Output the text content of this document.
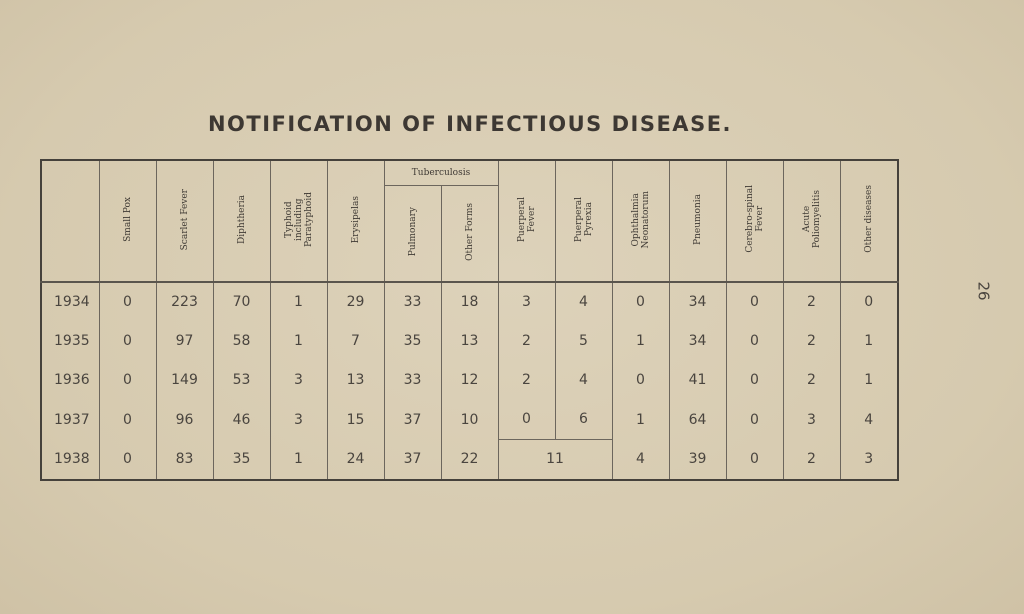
NOTIFICATION OF INFECTIOUS DISEASE.
26
	Small Pox	Scarlet Fever	Diphtheria	Typhoid
including
Paratyphoid	Erysipelas	Tuberculosis		Puerperal
Fever	Puerperal
Pyrexia	Ophthalmia
Neonatorum	Pneumonia	Cerebro-spinal
Fever	Acute
Poliomyelitis	Other diseases
						Pulmonary	Other Forms							
1934	0	223	70	1	29	33	18	3	4	0	34	0	2	0
1935	0	97	58	1	7	35	13	2	5	1	34	0	2	1
1936	0	149	53	3	13	33	12	2	4	0	41	0	2	1
1937	0	96	46	3	15	37	10	0	6	1	64	0	3	4
1938	0	83	35	1	24	37	22	11		4	39	0	2	3
